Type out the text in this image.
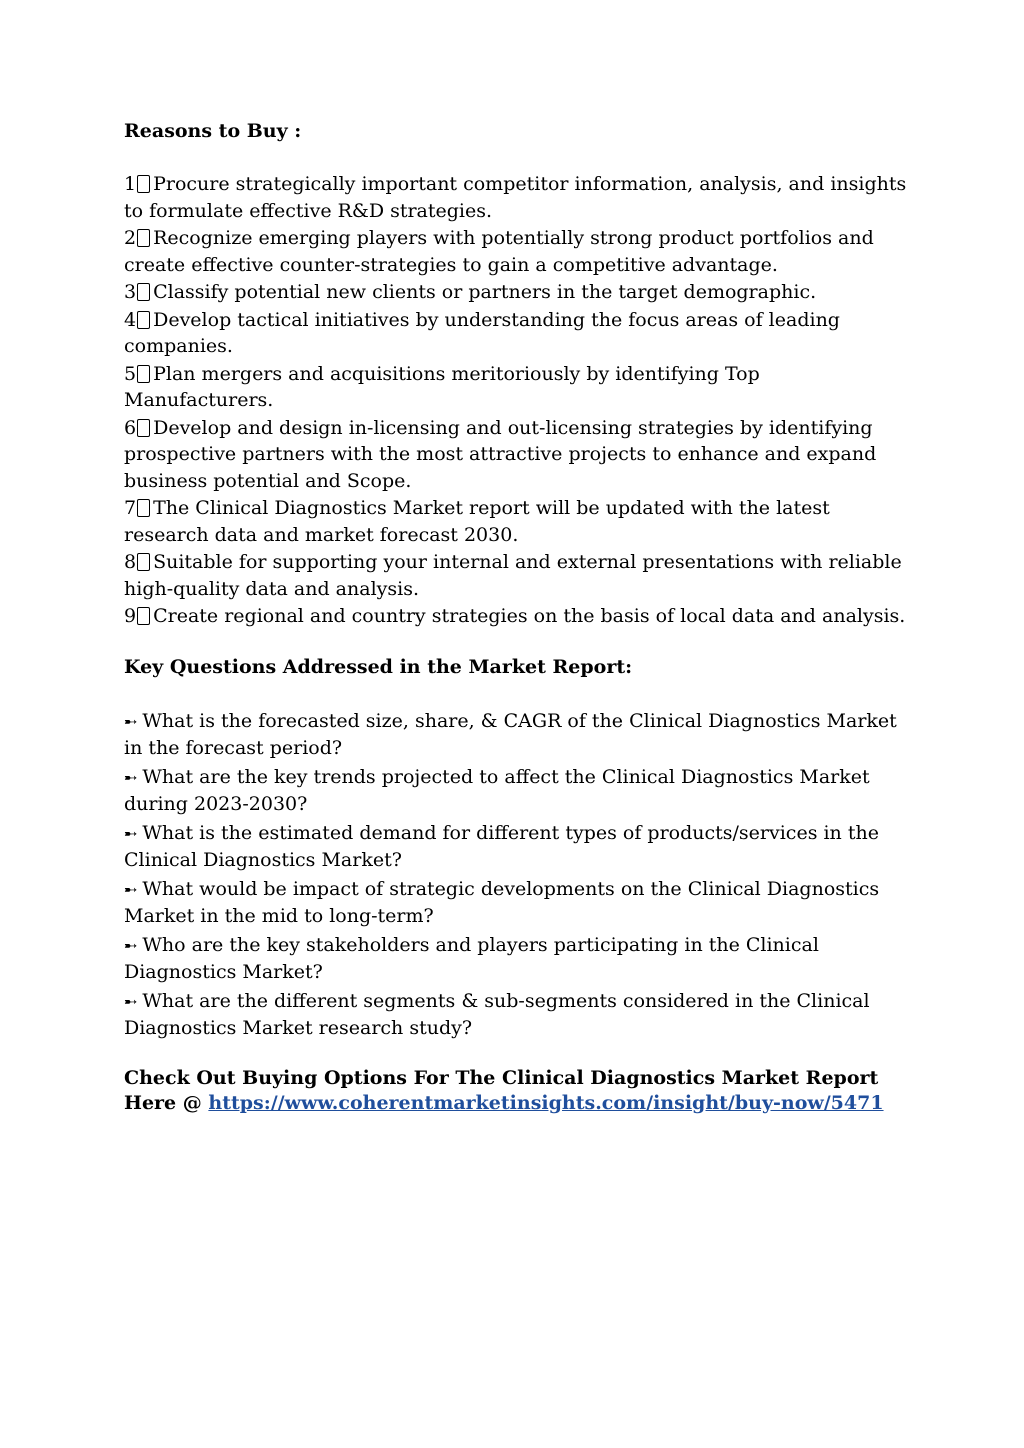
Reasons to Buy :

1 Procure strategically important competitor information, analysis, and insights to formulate effective R&D strategies.

2 Recognize emerging players with potentially strong product portfolios and create effective counter-strategies to gain a competitive advantage.

3 Classify potential new clients or partners in the target demographic.

4 Develop tactical initiatives by understanding the focus areas of leading companies.

5 Plan mergers and acquisitions meritoriously by identifying Top Manufacturers.

6 Develop and design in-licensing and out-licensing strategies by identifying prospective partners with the most attractive projects to enhance and expand business potential and Scope.

7 The Clinical Diagnostics Market report will be updated with the latest research data and market forecast 2030.

8 Suitable for supporting your internal and external presentations with reliable high-quality data and analysis.

9 Create regional and country strategies on the basis of local data and analysis.

Key Questions Addressed in the Market Report:

➸ What is the forecasted size, share, & CAGR of the Clinical Diagnostics Market in the forecast period?

➸ What are the key trends projected to affect the Clinical Diagnostics Market during 2023-2030?

➸ What is the estimated demand for different types of products/services in the Clinical Diagnostics Market?

➸ What would be impact of strategic developments on the Clinical Diagnostics Market in the mid to long-term?

➸ Who are the key stakeholders and players participating in the Clinical Diagnostics Market?

➸ What are the different segments & sub-segments considered in the Clinical Diagnostics Market research study?

Check Out Buying Options For The Clinical Diagnostics Market Report Here @ https://www.coherentmarketinsights.com/insight/buy-now/5471
